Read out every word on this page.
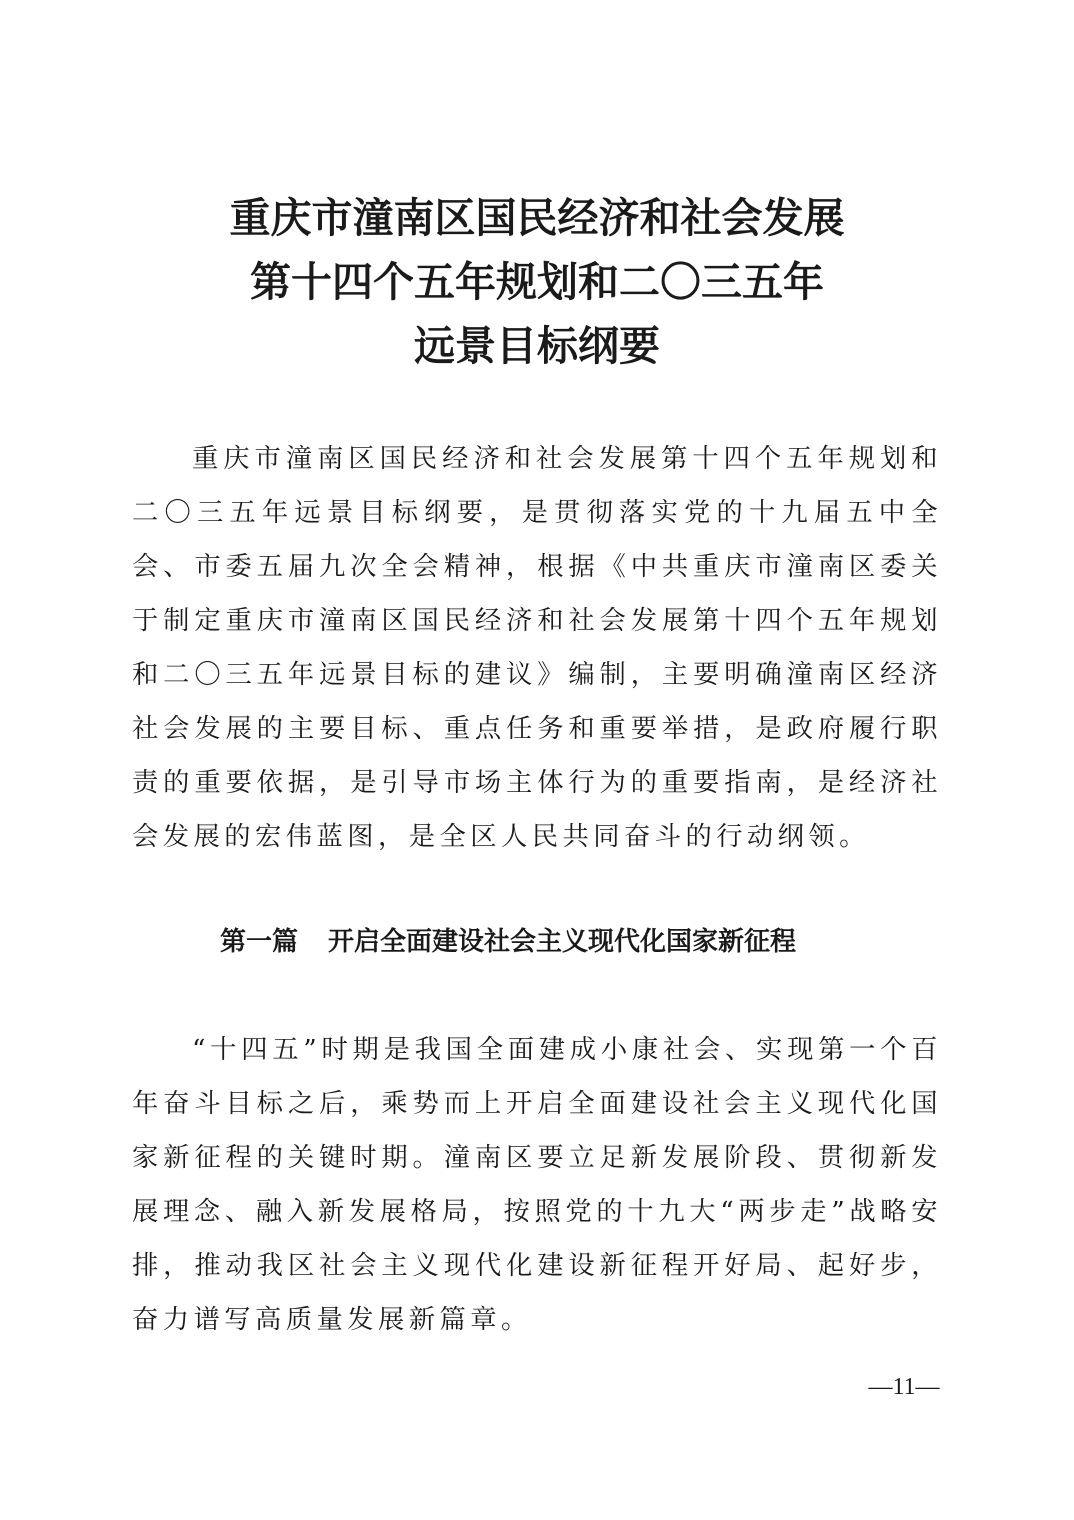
重庆市潼南区国民经济和社会发展
第十四个五年规划和二〇三五年
远景目标纲要

重庆市潼南区国民经济和社会发展第十四个五年规划和二〇三五年远景目标纲要，是贯彻落实党的十九届五中全会、市委五届九次全会精神，根据《中共重庆市潼南区委关于制定重庆市潼南区国民经济和社会发展第十四个五年规划和二〇三五年远景目标的建议》编制，主要明确潼南区经济社会发展的主要目标、重点任务和重要举措，是政府履行职责的重要依据，是引导市场主体行为的重要指南，是经济社会发展的宏伟蓝图，是全区人民共同奋斗的行动纲领。

第一篇 开启全面建设社会主义现代化国家新征程

“十四五”时期是我国全面建成小康社会、实现第一个百年奋斗目标之后，乘势而上开启全面建设社会主义现代化国家新征程的关键时期。潼南区要立足新发展阶段、贯彻新发展理念、融入新发展格局，按照党的十九大“两步走”战略安排，推动我区社会主义现代化建设新征程开好局、起好步，奋力谱写高质量发展新篇章。

—11—
